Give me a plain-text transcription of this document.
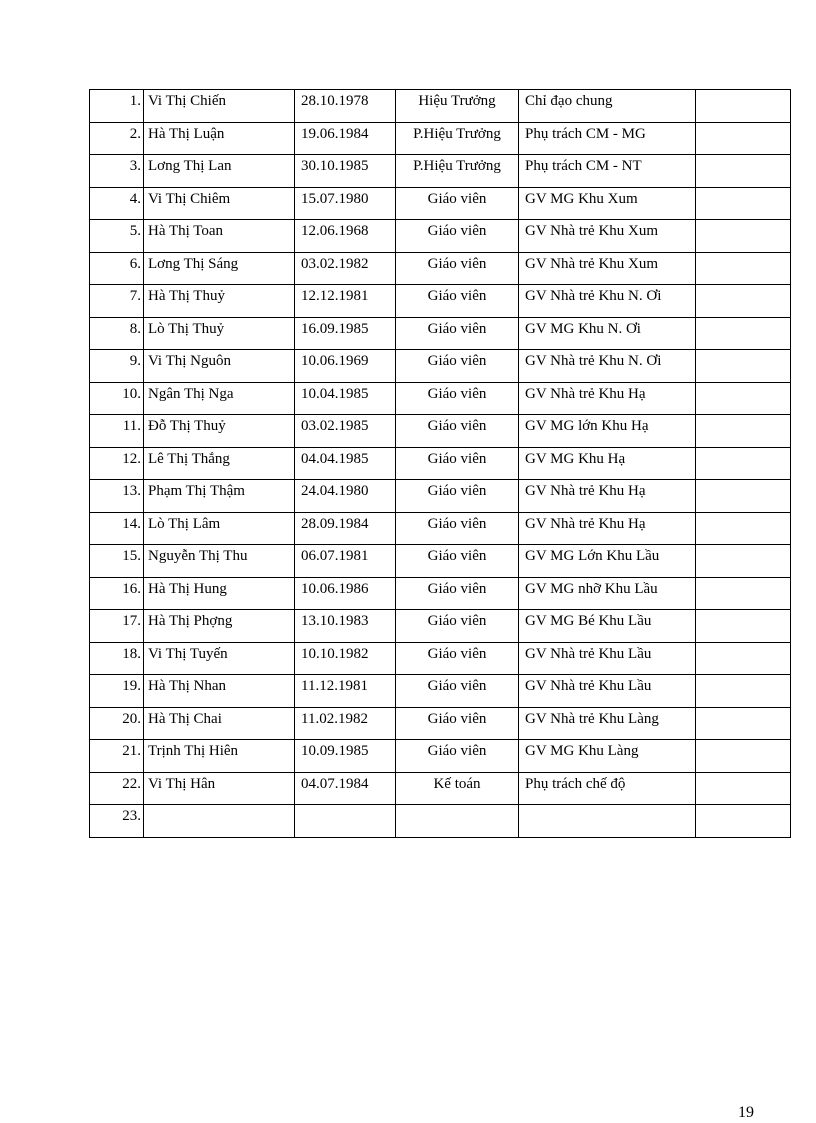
1.	Vi Thị Chiến	28.10.1978	Hiệu Trưởng	Chỉ đạo chung	
2.	Hà Thị Luận	19.06.1984	P.Hiệu Trưởng	Phụ trách CM - MG	
3.	Lơng Thị Lan	30.10.1985	P.Hiệu Trưởng	Phụ trách CM - NT	
4.	Vi Thị Chiêm	15.07.1980	Giáo viên	GV MG Khu Xum	
5.	Hà Thị Toan	12.06.1968	Giáo viên	GV Nhà trẻ Khu Xum	
6.	Lơng Thị Sáng	03.02.1982	Giáo viên	GV Nhà trẻ Khu Xum	
7.	Hà Thị Thuỷ	12.12.1981	Giáo viên	GV Nhà trẻ Khu N. Ơi	
8.	Lò Thị Thuỷ	16.09.1985	Giáo viên	GV MG Khu N. Ơi	
9.	Vi Thị Nguôn	10.06.1969	Giáo viên	GV Nhà trẻ Khu N. Ơi	
10.	Ngân Thị Nga	10.04.1985	Giáo viên	GV Nhà trẻ Khu Hạ	
11.	Đỗ Thị Thuỷ	03.02.1985	Giáo viên	GV MG lớn Khu Hạ	
12.	Lê Thị Thắng	04.04.1985	Giáo viên	GV MG Khu Hạ	
13.	Phạm Thị Thậm	24.04.1980	Giáo viên	GV Nhà trẻ Khu Hạ	
14.	Lò Thị Lâm	28.09.1984	Giáo viên	GV Nhà trẻ Khu Hạ	
15.	Nguyễn Thị Thu	06.07.1981	Giáo viên	GV MG Lớn Khu Lầu	
16.	Hà Thị Hung	10.06.1986	Giáo viên	GV MG nhỡ Khu Lầu	
17.	Hà Thị Phợng	13.10.1983	Giáo viên	GV MG Bé Khu Lầu	
18.	Vi Thị Tuyến	10.10.1982	Giáo viên	GV Nhà trẻ Khu Lầu	
19.	Hà Thị Nhan	11.12.1981	Giáo viên	GV Nhà trẻ Khu Lầu	
20.	Hà Thị Chai	11.02.1982	Giáo viên	GV Nhà trẻ Khu Làng	
21.	Trịnh Thị Hiên	10.09.1985	Giáo viên	GV MG Khu Làng	
22.	Vi Thị Hân	04.07.1984	Kế toán	Phụ trách chế độ	
23.					
19
